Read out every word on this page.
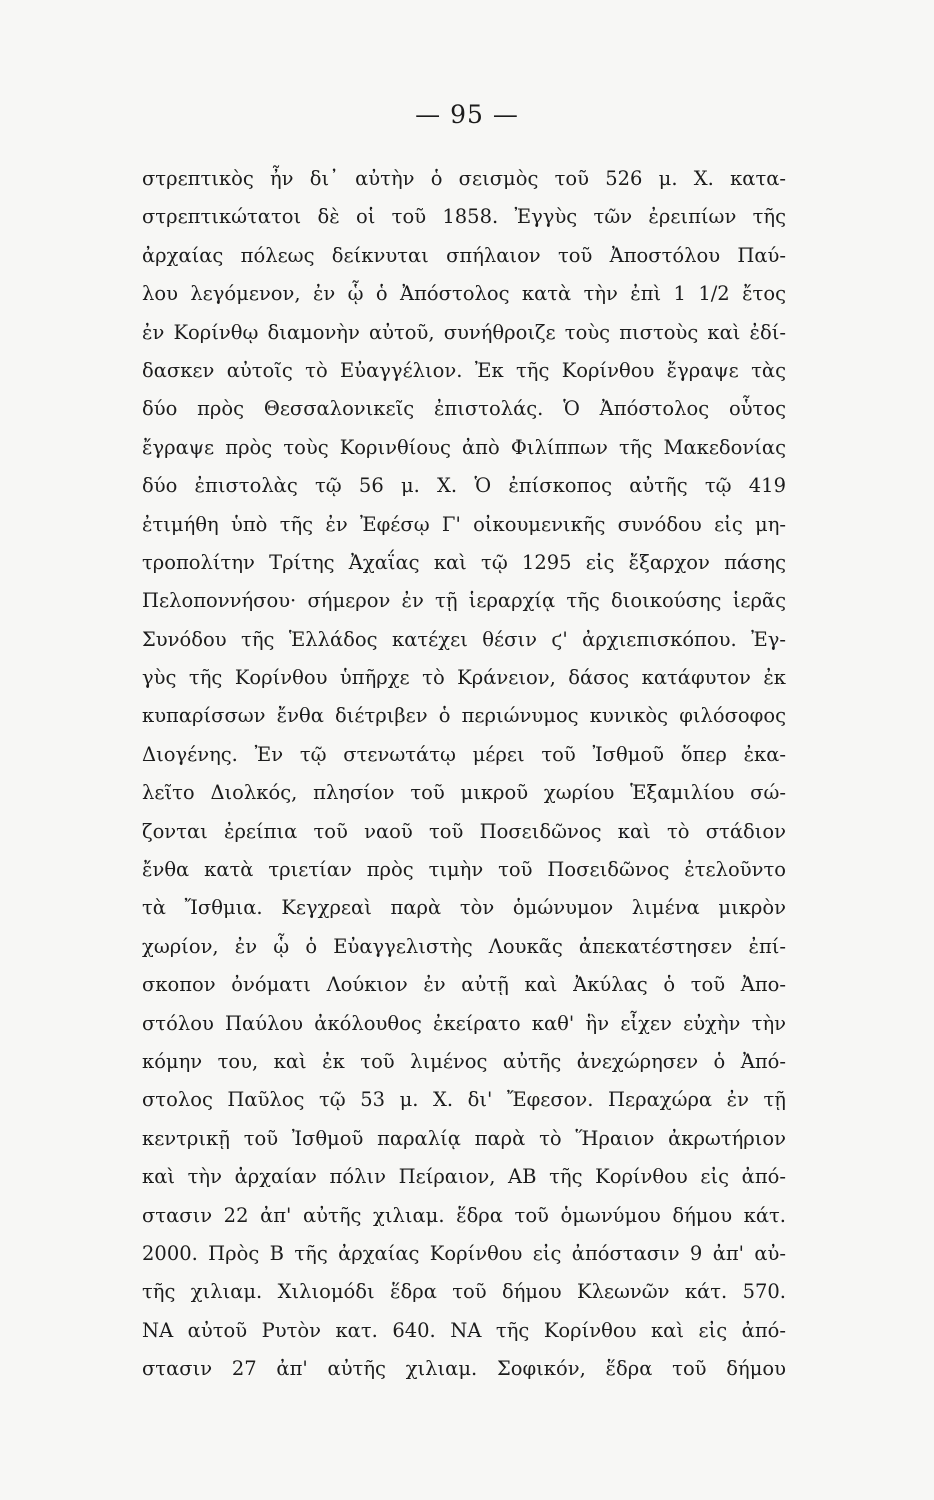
— 95 —
στρεπτικὸς ἦν δι᾽ αὐτὴν ὁ σεισμὸς τοῦ 526 μ. Χ. κατα-
στρεπτικώτατοι δὲ οἱ τοῦ 1858. Ἐγγὺς τῶν ἐρειπίων τῆς
ἀρχαίας πόλεως δείκνυται σπήλαιον τοῦ Ἀποστόλου Παύ-
λου λεγόμενον, ἐν ᾧ ὁ Ἀπόστολος κατὰ τὴν ἐπὶ 1 1/2 ἔτος
ἐν Κορίνθῳ διαμονὴν αὐτοῦ, συνήθροιζε τοὺς πιστοὺς καὶ ἐδί-
δασκεν αὐτοῖς τὸ Εὐαγγέλιον. Ἐκ τῆς Κορίνθου ἔγραψε τὰς
δύο πρὸς Θεσσαλονικεῖς ἐπιστολάς. Ὁ Ἀπόστολος οὗτος
ἔγραψε πρὸς τοὺς Κορινθίους ἀπὸ Φιλίππων τῆς Μακεδονίας
δύο ἐπιστολὰς τῷ 56 μ. Χ. Ὁ ἐπίσκοπος αὐτῆς τῷ 419
ἐτιμήθη ὑπὸ τῆς ἐν Ἐφέσῳ Γ' οἰκουμενικῆς συνόδου εἰς μη-
τροπολίτην Τρίτης Ἀχαΐας καὶ τῷ 1295 εἰς ἔξαρχον πάσης
Πελοποννήσου· σήμερον ἐν τῇ ἱεραρχίᾳ τῆς διοικούσης ἱερᾶς
Συνόδου τῆς Ἑλλάδος κατέχει θέσιν ϛ' ἀρχιεπισκόπου. Ἐγ-
γὺς τῆς Κορίνθου ὑπῆρχε τὸ Κράνειον, δάσος κατάφυτον ἐκ
κυπαρίσσων ἔνθα διέτριβεν ὁ περιώνυμος κυνικὸς φιλόσοφος
Διογένης. Ἐν τῷ στενωτάτῳ μέρει τοῦ Ἰσθμοῦ ὅπερ ἐκα-
λεῖτο Διολκός, πλησίον τοῦ μικροῦ χωρίου Ἑξαμιλίου σώ-
ζονται ἐρείπια τοῦ ναοῦ τοῦ Ποσειδῶνος καὶ τὸ στάδιον
ἔνθα κατὰ τριετίαν πρὸς τιμὴν τοῦ Ποσειδῶνος ἐτελοῦντο
τὰ Ἴσθμια. Κεγχρεαὶ παρὰ τὸν ὁμώνυμον λιμένα μικρὸν
χωρίον, ἐν ᾧ ὁ Εὐαγγελιστὴς Λουκᾶς ἀπεκατέστησεν ἐπί-
σκοπον ὀνόματι Λούκιον ἐν αὐτῇ καὶ Ἀκύλας ὁ τοῦ Ἀπο-
στόλου Παύλου ἀκόλουθος ἐκείρατο καθ' ἣν εἶχεν εὐχὴν τὴν
κόμην του, καὶ ἐκ τοῦ λιμένος αὐτῆς ἀνεχώρησεν ὁ Ἀπό-
στολος Παῦλος τῷ 53 μ. Χ. δι' Ἔφεσον. Περαχώρα ἐν τῇ
κεντρικῇ τοῦ Ἰσθμοῦ παραλίᾳ παρὰ τὸ Ἥραιον ἀκρωτήριον
καὶ τὴν ἀρχαίαν πόλιν Πείραιον, ΑΒ τῆς Κορίνθου εἰς ἀπό-
στασιν 22 ἀπ' αὐτῆς χιλιαμ. ἕδρα τοῦ ὁμωνύμου δήμου κάτ.
2000. Πρὸς Β τῆς ἀρχαίας Κορίνθου εἰς ἀπόστασιν 9 ἀπ' αὐ-
τῆς χιλιαμ. Χιλιομόδι ἕδρα τοῦ δήμου Κλεωνῶν κάτ. 570.
ΝΑ αὐτοῦ Ρυτὸν κατ. 640. ΝΑ τῆς Κορίνθου καὶ εἰς ἀπό-
στασιν 27 ἀπ' αὐτῆς χιλιαμ. Σοφικόν, ἕδρα τοῦ δήμου
